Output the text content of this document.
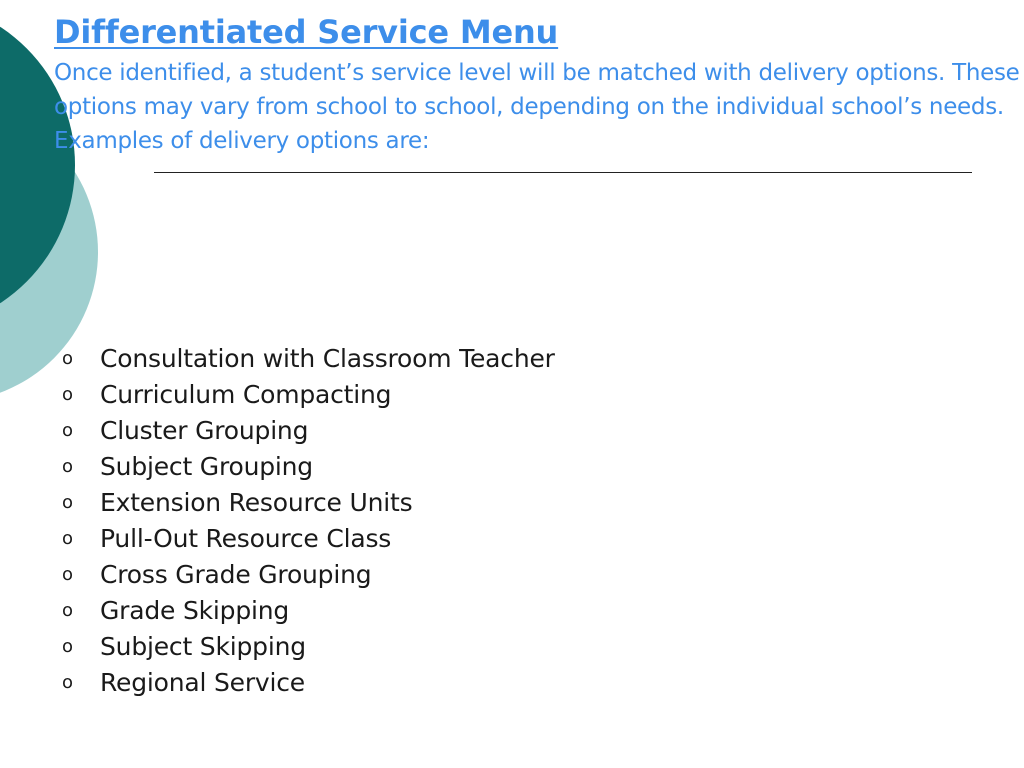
Differentiated Service Menu

Once identified, a student’s service level will be matched with delivery options. These options may vary from school to school, depending on the individual school’s needs. Examples of delivery options are:

o	Consultation with Classroom Teacher
o	Curriculum Compacting
o	Cluster Grouping
o	Subject Grouping
o	Extension Resource Units
o	Pull-Out Resource Class
o	Cross Grade Grouping
o	Grade Skipping
o	Subject Skipping
o	Regional Service
